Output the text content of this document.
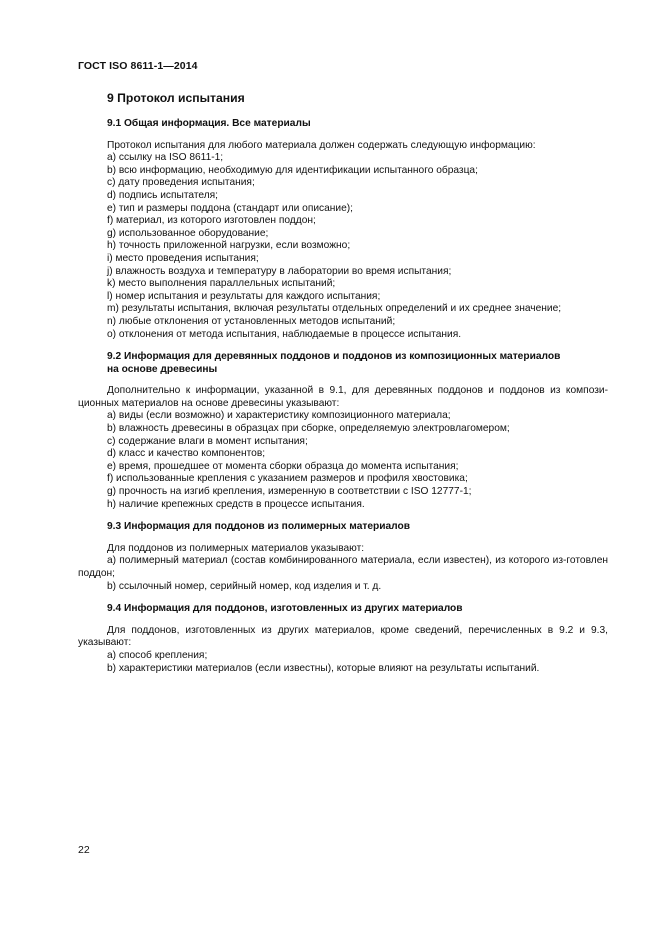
ГОСТ ISO 8611-1—2014
9 Протокол испытания
9.1 Общая информация. Все материалы

Протокол испытания для любого материала должен содержать следующую информацию:

a) ссылку на ISO 8611-1;

b) всю информацию, необходимую для идентификации испытанного образца;

c) дату проведения испытания;

d) подпись испытателя;

e) тип и размеры поддона (стандарт или описание);

f) материал, из которого изготовлен поддон;

g) использованное оборудование;

h) точность приложенной нагрузки, если возможно;

i) место проведения испытания;

j) влажность воздуха и температуру в лаборатории во время испытания;

k) место выполнения параллельных испытаний;

l) номер испытания и результаты для каждого испытания;

m) результаты испытания, включая результаты отдельных определений и их среднее значение;

n) любые отклонения от установленных методов испытаний;

o) отклонения от метода испытания, наблюдаемые в процессе испытания.

9.2 Информация для деревянных поддонов и поддонов из композиционных материалов
на основе древесины

Дополнительно к информации, указанной в 9.1, для деревянных поддонов и поддонов из компози-ционных материалов на основе древесины указывают:

a) виды (если возможно) и характеристику композиционного материала;

b) влажность древесины в образцах при сборке, определяемую электровлагомером;

c) содержание влаги в момент испытания;

d) класс и качество компонентов;

e) время, прошедшее от момента сборки образца до момента испытания;

f) использованные крепления с указанием размеров и профиля хвостовика;

g) прочность на изгиб крепления, измеренную в соответствии с ISO 12777-1;

h) наличие крепежных средств в процессе испытания.

9.3 Информация для поддонов из полимерных материалов

Для поддонов из полимерных материалов указывают:

a) полимерный материал (состав комбинированного материала, если известен), из которого из-готовлен поддон;

b) ссылочный номер, серийный номер, код изделия и т. д.

9.4 Информация для поддонов, изготовленных из других материалов

Для поддонов, изготовленных из других материалов, кроме сведений, перечисленных в 9.2 и 9.3, указывают:

a) способ крепления;

b) характеристики материалов (если известны), которые влияют на результаты испытаний.

22
